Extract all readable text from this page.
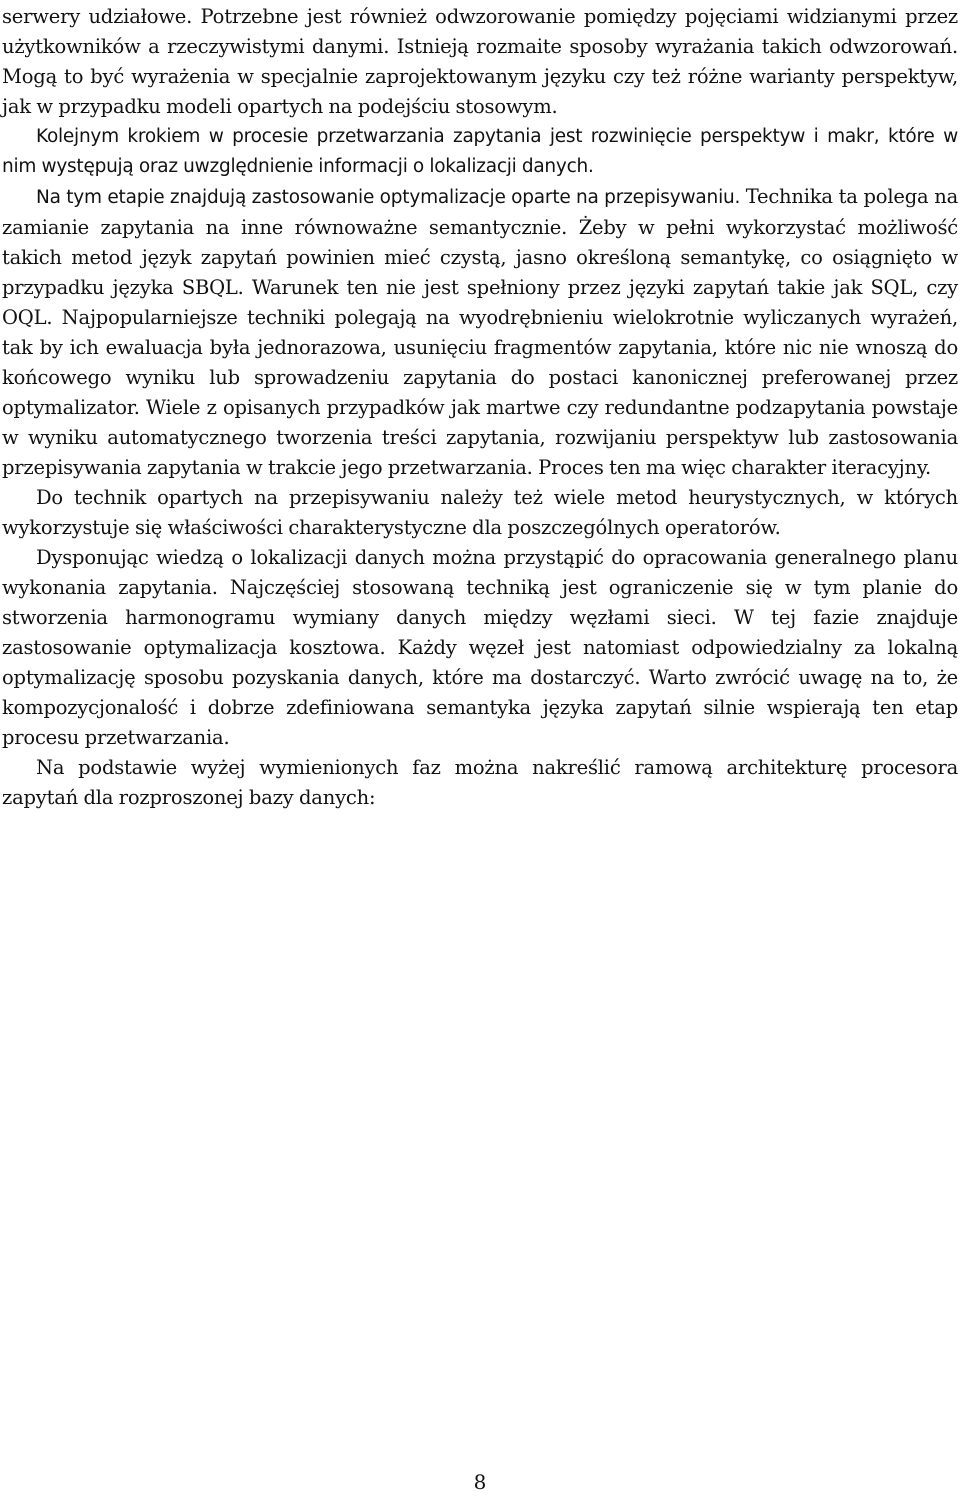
serwery udziałowe. Potrzebne jest również odwzorowanie pomiędzy pojęciami widzianymi przez użytkowników a rzeczywistymi danymi. Istnieją rozmaite sposoby wyrażania takich odwzorowań. Mogą to być wyrażenia w specjalnie zaprojektowanym języku czy też różne warianty perspektyw, jak w przypadku modeli opartych na podejściu stosowym.

Kolejnym krokiem w procesie przetwarzania zapytania jest rozwinięcie perspektyw i makr, które w nim występują oraz uwzględnienie informacji o lokalizacji danych.

Na tym etapie znajdują zastosowanie optymalizacje oparte na przepisywaniu. Technika ta polega na zamianie zapytania na inne równoważne semantycznie. Żeby w pełni wykorzystać możliwość takich metod język zapytań powinien mieć czystą, jasno określoną semantykę, co osiągnięto w przypadku języka SBQL. Warunek ten nie jest spełniony przez języki zapytań takie jak SQL, czy OQL. Najpopularniejsze techniki polegają na wyodrębnieniu wielokrotnie wyliczanych wyrażeń, tak by ich ewaluacja była jednorazowa, usunięciu fragmentów zapytania, które nic nie wnoszą do końcowego wyniku lub sprowadzeniu zapytania do postaci kanonicznej preferowanej przez optymalizator. Wiele z opisanych przypadków jak martwe czy redundantne podzapytania powstaje w wyniku automatycznego tworzenia treści zapytania, rozwijaniu perspektyw lub zastosowania przepisywania zapytania w trakcie jego przetwarzania. Proces ten ma więc charakter iteracyjny.

Do technik opartych na przepisywaniu należy też wiele metod heurystycznych, w których wykorzystuje się właściwości charakterystyczne dla poszczególnych operatorów.

Dysponując wiedzą o lokalizacji danych można przystąpić do opracowania generalnego planu wykonania zapytania. Najczęściej stosowaną techniką jest ograniczenie się w tym planie do stworzenia harmonogramu wymiany danych między węzłami sieci. W tej fazie znajduje zastosowanie optymalizacja kosztowa. Każdy węzeł jest natomiast odpowiedzialny za lokalną optymalizację sposobu pozyskania danych, które ma dostarczyć. Warto zwrócić uwagę na to, że kompozycjonalość i dobrze zdefiniowana semantyka języka zapytań silnie wspierają ten etap procesu przetwarzania.

Na podstawie wyżej wymienionych faz można nakreślić ramową architekturę procesora zapytań dla rozproszonej bazy danych:

8
